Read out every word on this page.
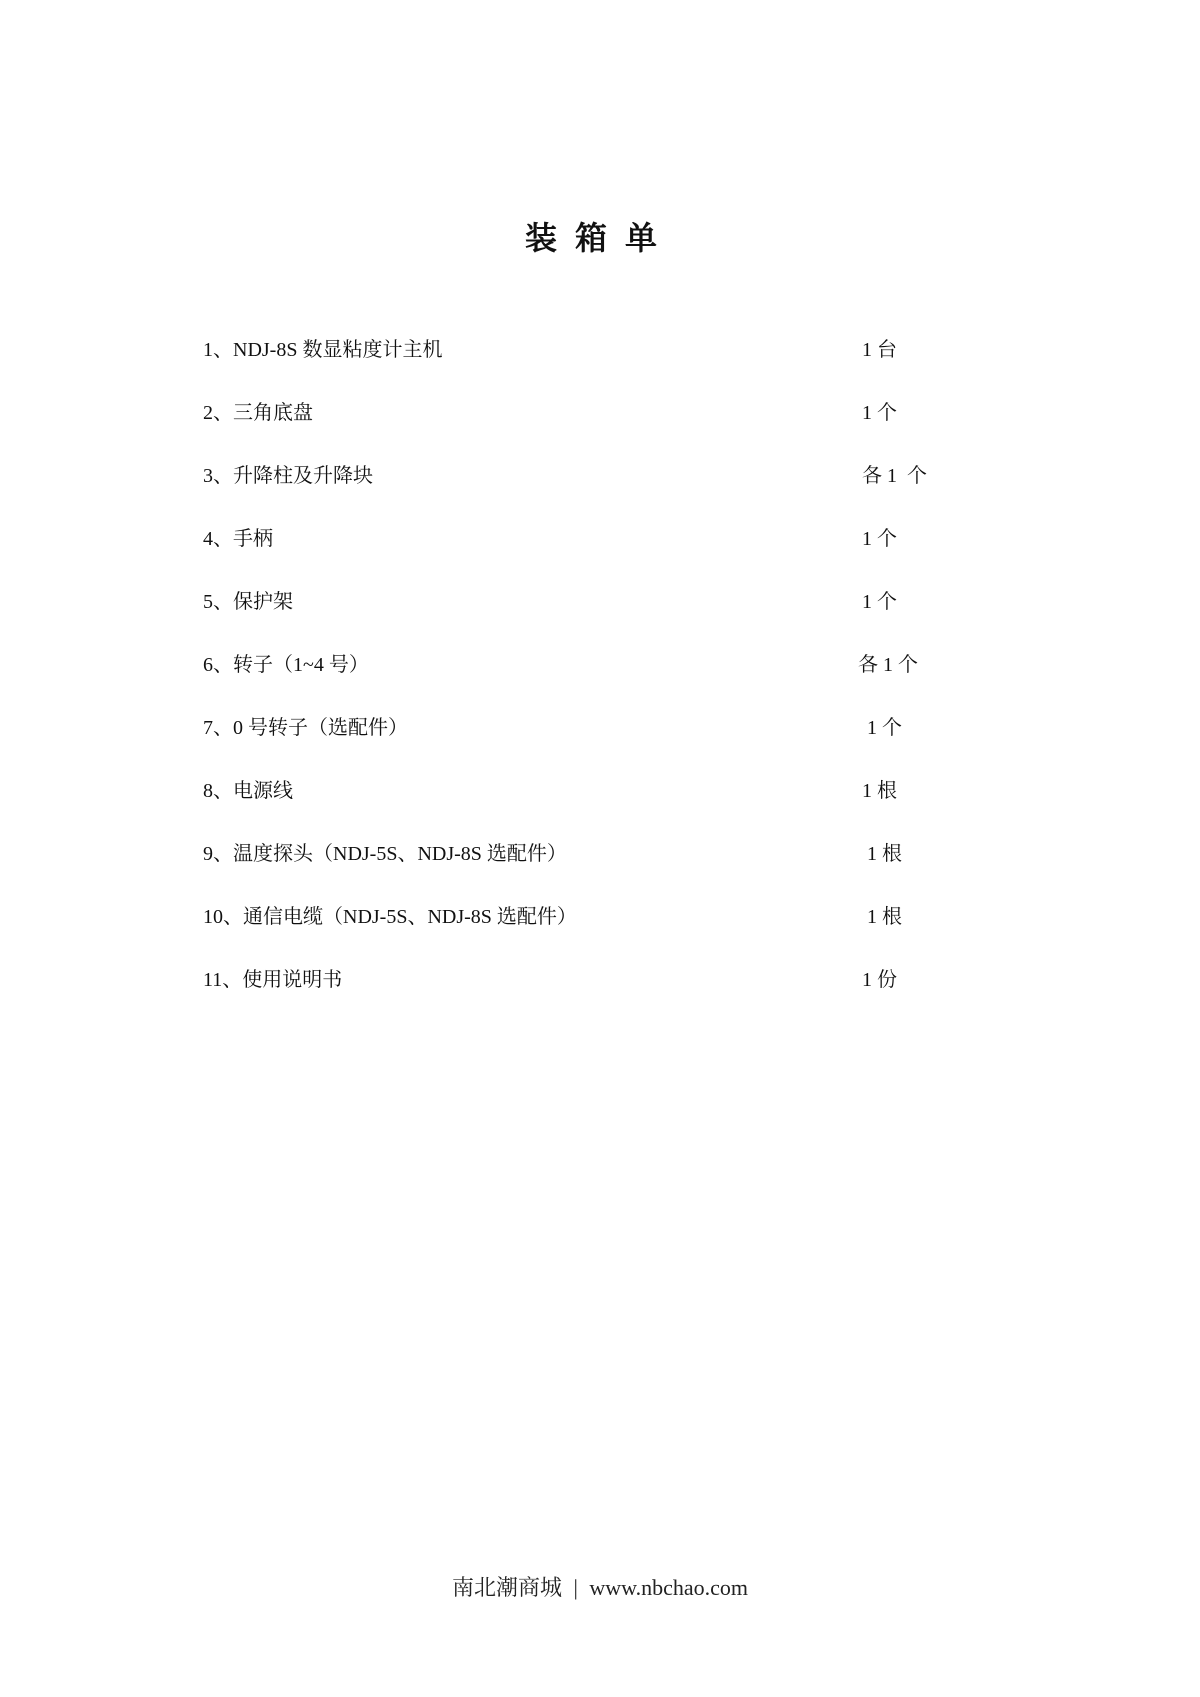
装箱单
1、NDJ-8S 数显粘度计主机	1 台
2、三角底盘	1 个
3、升降柱及升降块	各 1  个
4、手柄	1 个
5、保护架	1 个
6、转子（1~4 号）	各 1 个
7、0 号转子（选配件）	1 个
8、电源线	1 根
9、温度探头（NDJ-5S、NDJ-8S 选配件）	1 根
10、通信电缆（NDJ-5S、NDJ-8S 选配件）	1 根
11、使用说明书	1 份
南北潮商城 | www.nbchao.com
